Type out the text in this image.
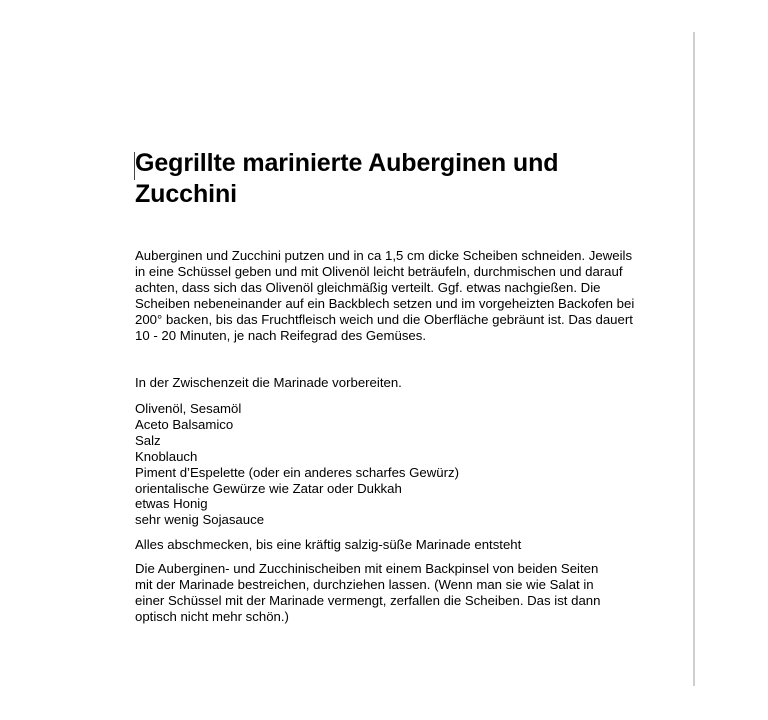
Gegrillte marinierte Auberginen und Zucchini

Auberginen und Zucchini putzen und in ca 1,5 cm dicke Scheiben schneiden. Jeweils in eine Schüssel geben und mit Olivenöl leicht beträufeln, durchmischen und darauf achten, dass sich das Olivenöl gleichmäßig verteilt. Ggf. etwas nachgießen. Die Scheiben nebeneinander auf ein Backblech setzen und im vorgeheizten Backofen bei 200° backen, bis das Fruchtfleisch weich und die Oberfläche gebräunt ist. Das dauert 10 - 20 Minuten, je nach Reifegrad des Gemüses.

In der Zwischenzeit die Marinade vorbereiten.

Olivenöl, Sesamöl
Aceto Balsamico
Salz
Knoblauch
Piment d’Espelette (oder ein anderes scharfes Gewürz)
orientalische Gewürze wie Zatar oder Dukkah
etwas Honig
sehr wenig Sojasauce

Alles abschmecken, bis eine kräftig salzig-süße Marinade entsteht

Die Auberginen- und Zucchinischeiben mit einem Backpinsel von beiden Seiten mit der Marinade bestreichen, durchziehen lassen. (Wenn man sie wie Salat in einer Schüssel mit der Marinade vermengt, zerfallen die Scheiben. Das ist dann optisch nicht mehr schön.)
